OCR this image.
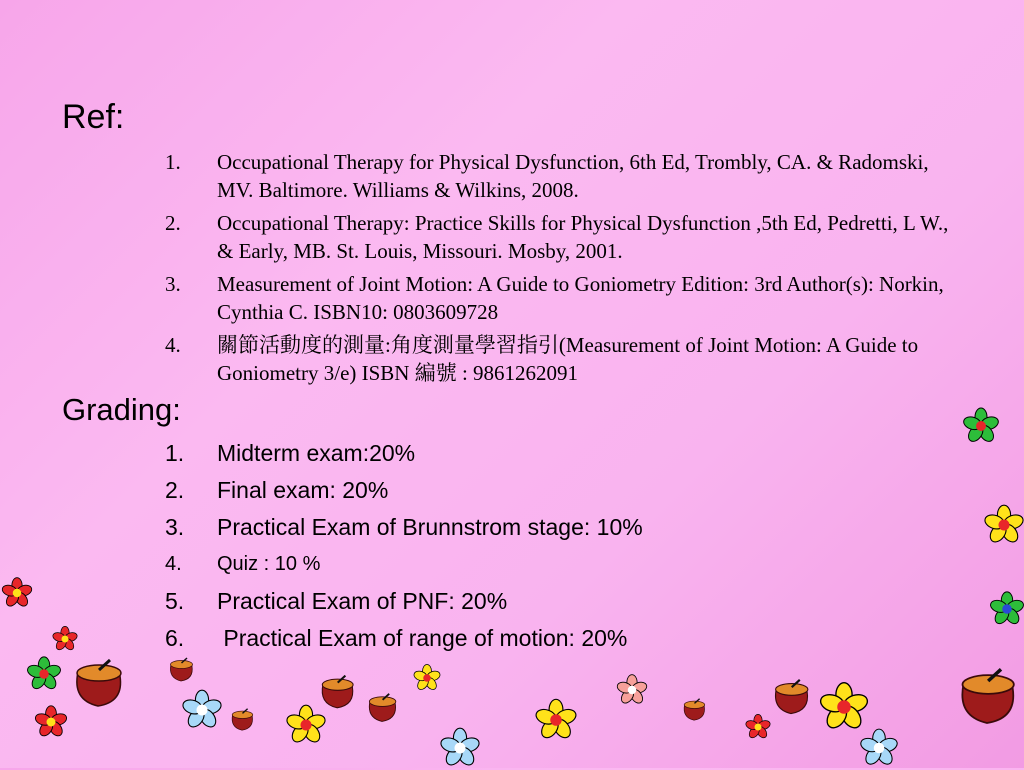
Ref:
1. Occupational Therapy for Physical Dysfunction, 6th Ed, Trombly, CA. & Radomski, MV. Baltimore. Williams & Wilkins, 2008.
2. Occupational Therapy: Practice Skills for Physical Dysfunction ,5th Ed, Pedretti, L W., & Early, MB. St. Louis, Missouri. Mosby, 2001.
3. Measurement of Joint Motion: A Guide to Goniometry Edition: 3rd Author(s): Norkin, Cynthia C. ISBN10: 0803609728
4. 關節活動度的測量:角度測量學習指引(Measurement of Joint Motion: A Guide to Goniometry 3/e) ISBN 編號 : 9861262091
Grading:
1. Midterm exam:20%
2. Final exam: 20%
3. Practical Exam of Brunnstrom stage: 10%
4. Quiz : 10 %
5. Practical Exam of PNF: 20%
6. Practical Exam of range of motion: 20%
